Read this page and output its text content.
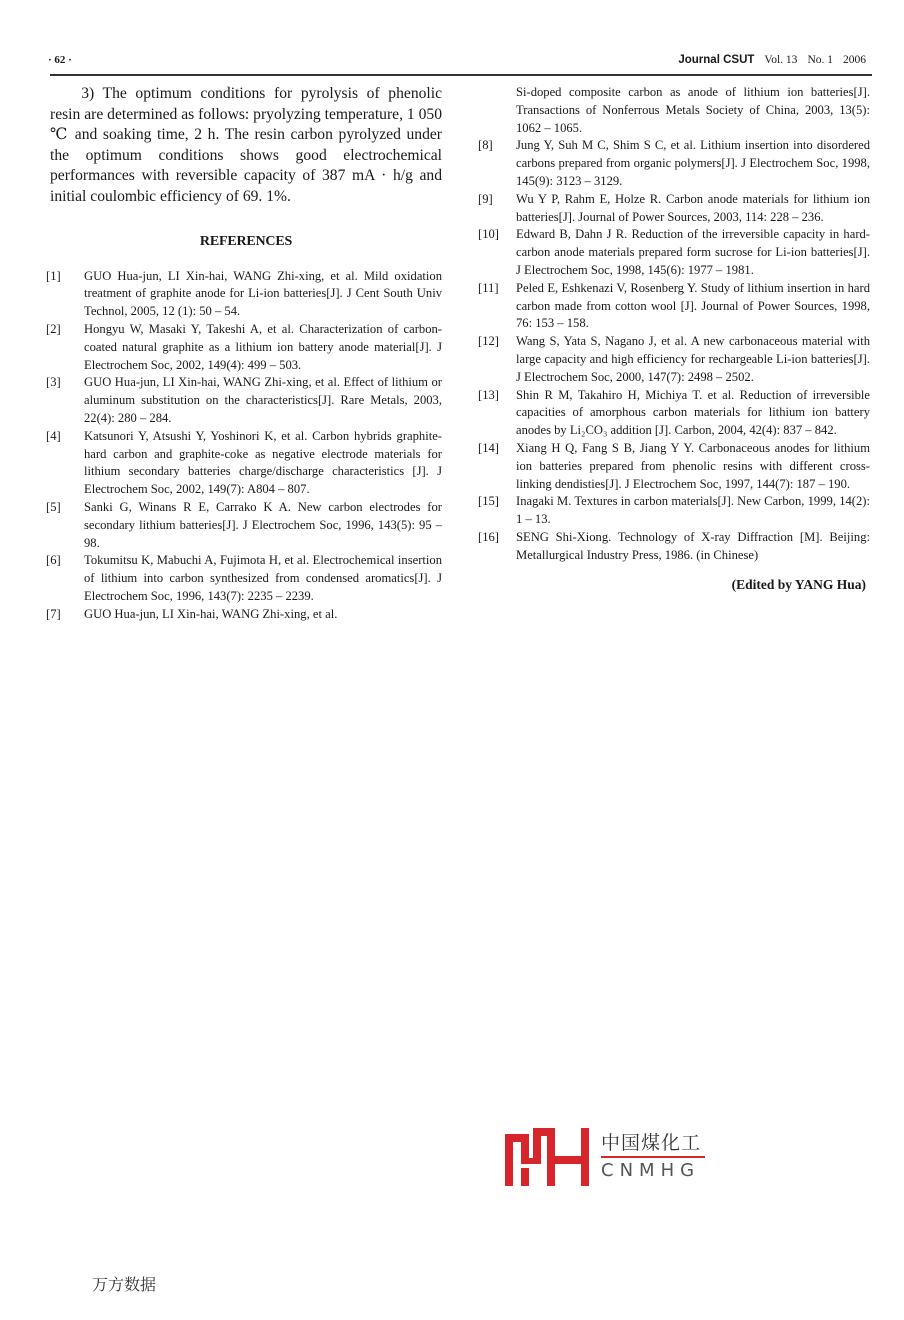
· 62 ·	Journal CSUT Vol. 13 No. 1 2006

3) The optimum conditions for pyrolysis of phenolic resin are determined as follows: pryolyzing temperature, 1 050 ℃ and soaking time, 2 h. The resin carbon pyrolyzed under the optimum conditions shows good electrochemical performances with reversible capacity of 387 mA · h/g and initial coulombic efficiency of 69. 1%.

REFERENCES
[1] GUO Hua-jun, LI Xin-hai, WANG Zhi-xing, et al. Mild oxidation treatment of graphite anode for Li-ion batteries[J]. J Cent South Univ Technol, 2005, 12 (1): 50 – 54.
[2] Hongyu W, Masaki Y, Takeshi A, et al. Characterization of carbon-coated natural graphite as a lithium ion battery anode material[J]. J Electrochem Soc, 2002, 149(4): 499 – 503.
[3] GUO Hua-jun, LI Xin-hai, WANG Zhi-xing, et al. Effect of lithium or aluminum substitution on the characteristics[J]. Rare Metals, 2003, 22(4): 280 – 284.
[4] Katsunori Y, Atsushi Y, Yoshinori K, et al. Carbon hybrids graphite-hard carbon and graphite-coke as negative electrode materials for lithium secondary batteries charge/discharge characteristics [J]. J Electrochem Soc, 2002, 149(7): A804 – 807.
[5] Sanki G, Winans R E, Carrako K A. New carbon electrodes for secondary lithium batteries[J]. J Electrochem Soc, 1996, 143(5): 95 – 98.
[6] Tokumitsu K, Mabuchi A, Fujimota H, et al. Electrochemical insertion of lithium into carbon synthesized from condensed aromatics[J]. J Electrochem Soc, 1996, 143(7): 2235 – 2239.
[7] GUO Hua-jun, LI Xin-hai, WANG Zhi-xing, et al.

Si-doped composite carbon as anode of lithium ion batteries[J]. Transactions of Nonferrous Metals Society of China, 2003, 13(5): 1062 – 1065.

[8] Jung Y, Suh M C, Shim S C, et al. Lithium insertion into disordered carbons prepared from organic polymers[J]. J Electrochem Soc, 1998, 145(9): 3123 – 3129.
[9] Wu Y P, Rahm E, Holze R. Carbon anode materials for lithium ion batteries[J]. Journal of Power Sources, 2003, 114: 228 – 236.
[10] Edward B, Dahn J R. Reduction of the irreversible capacity in hard-carbon anode materials prepared form sucrose for Li-ion batteries[J]. J Electrochem Soc, 1998, 145(6): 1977 – 1981.
[11] Peled E, Eshkenazi V, Rosenberg Y. Study of lithium insertion in hard carbon made from cotton wool [J]. Journal of Power Sources, 1998, 76: 153 – 158.
[12] Wang S, Yata S, Nagano J, et al. A new carbonaceous material with large capacity and high efficiency for rechargeable Li-ion batteries[J]. J Electrochem Soc, 2000, 147(7): 2498 – 2502.
[13] Shin R M, Takahiro H, Michiya T. et al. Reduction of irreversible capacities of amorphous carbon materials for lithium ion battery anodes by Li₂CO₃ addition [J]. Carbon, 2004, 42(4): 837 – 842.
[14] Xiang H Q, Fang S B, Jiang Y Y. Carbonaceous anodes for lithium ion batteries prepared from phenolic resins with different cross-linking dendisties[J]. J Electrochem Soc, 1997, 144(7): 187 – 190.
[15] Inagaki M. Textures in carbon materials[J]. New Carbon, 1999, 14(2): 1 – 13.
[16] SENG Shi-Xiong. Technology of X-ray Diffraction [M]. Beijing: Metallurgical Industry Press, 1986. (in Chinese)
(Edited by YANG Hua)
中国煤化工
CNMHG
万方数据
